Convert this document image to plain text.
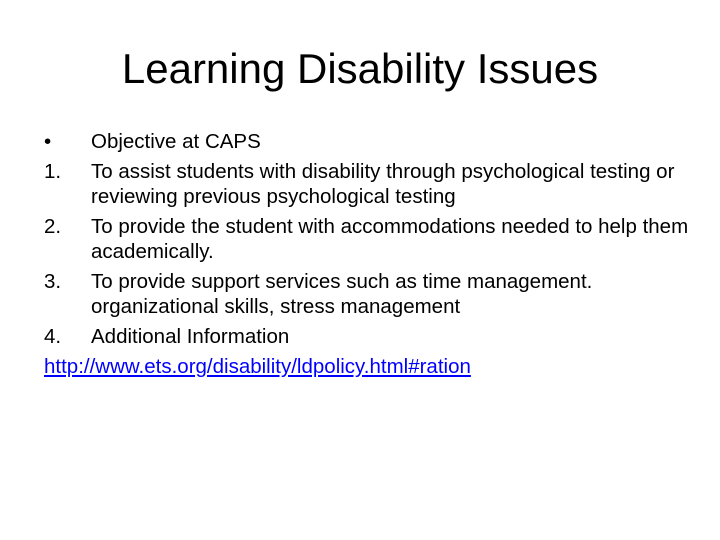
Learning Disability Issues
•	Objective at CAPS
1.	To assist students with disability through psychological testing or reviewing previous psychological testing
2.	To provide the student with accommodations needed to help them academically.
3.	To provide support services such as time management. organizational skills, stress management
4.	Additional Information
http://www.ets.org/disability/ldpolicy.html#ration
